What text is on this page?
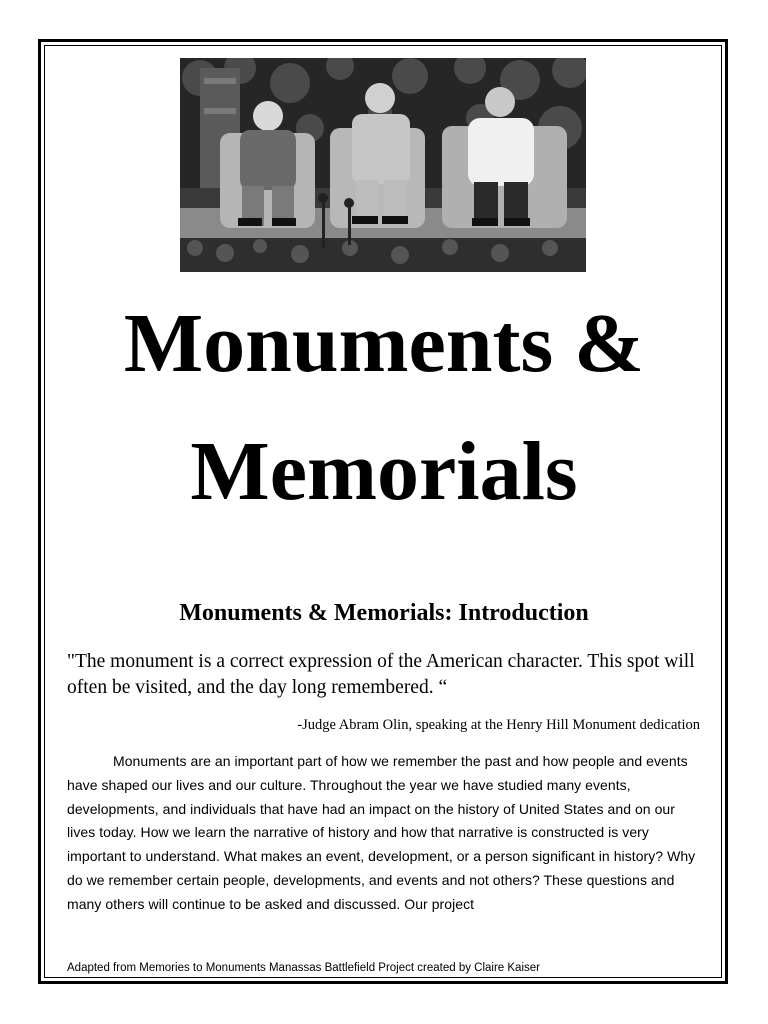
Monuments &
Memorials
Monuments & Memorials: Introduction

"The monument is a correct expression of the American character. This spot will often be visited, and the day long remembered. “

-Judge Abram Olin, speaking at the Henry Hill Monument dedication

Monuments are an important part of how we remember the past and how people and events have shaped our lives and our culture. Throughout the year we have studied many events, developments, and individuals that have had an impact on the history of United States and on our lives today. How we learn the narrative of history and how that narrative is constructed is very important to understand. What makes an event, development, or a person significant in history? Why do we remember certain people, developments, and events and not others? These questions and many others will continue to be asked and discussed. Our project

Adapted from Memories to Monuments Manassas Battlefield Project created by Claire Kaiser
